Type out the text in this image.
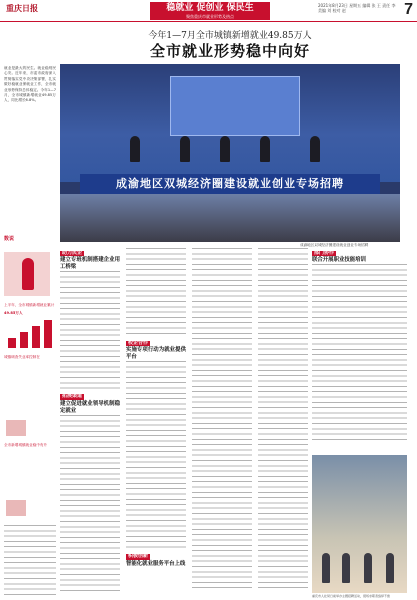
重庆日报	稳就业 促创业 保民生
聚焦重庆市就业形势及热点
2021年8月23日 星期五 编辑 张 王 责任 李 美编 刘 校对 赵	7
今年1—7月全市城镇新增就业49.85万人
全市就业形势稳中向好
就业是最大的民生。就业稳则民心安。近年来，市委市政府深入贯彻落实党中央决策部署，扎实做好稳就业保就业工作，全市就业形势保持总体稳定。今年1—7月，全市城镇新增就业49.85万人，同比增长6.8%。
数说
上半年，全市城镇新增就业累计
49.85万人
城镇调查失业率控制在
全市新增城镇就业稳中有升
成渝地区双城经济圈建设就业创业专场招聘
成渝地区双城经济圈建设就业创业专场招聘
助力民企
建立专班机制搭建企业用工桥梁
拓展渠道
建立促进就业领导机制稳定就业
校企合作
实施专项行动为就业提供平台
积极创新
智能化就业服务平台上线
部门协作
联合开展职业技能培训
重庆市人社局日前举办主题招聘活动，现场求职者络绎不绝
